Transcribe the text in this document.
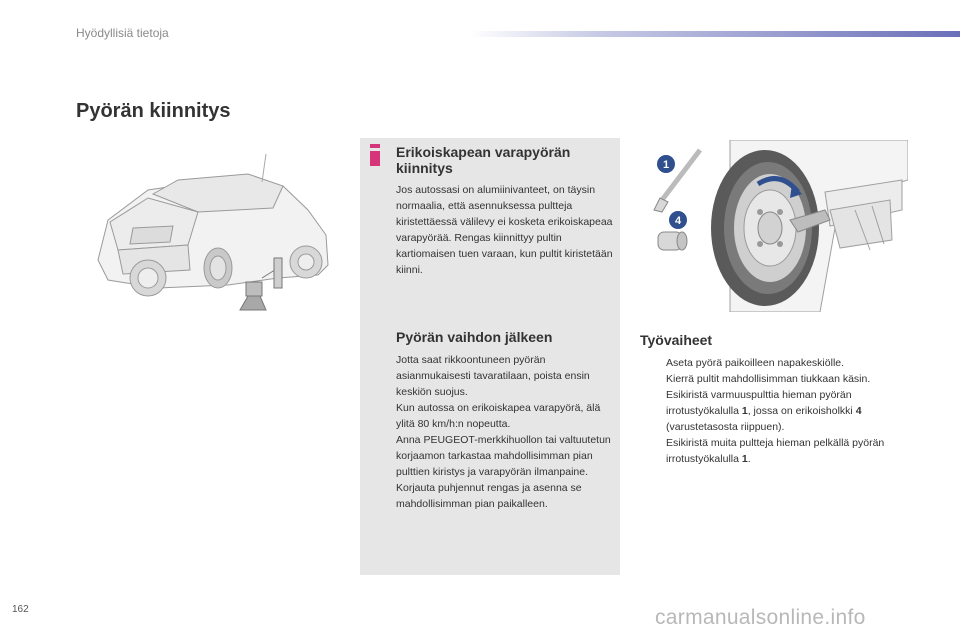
Hyödyllisiä tietoja
Pyörän kiinnitys
Erikoiskapean varapyörän kiinnitys
Jos autossasi on alumiinivanteet, on täysin normaalia, että asennuksessa pultteja kiristettäessä välilevy ei kosketa erikoiskapeaa varapyörää. Rengas kiinnittyy pultin kartiomaisen tuen varaan, kun pultit kiristetään kiinni.
Pyörän vaihdon jälkeen

Jotta saat rikkoontuneen pyörän asianmukaisesti tavaratilaan, poista ensin keskiön suojus.

Kun autossa on erikoiskapea varapyörä, älä ylitä 80 km/h:n nopeutta.

Anna PEUGEOT-merkkihuollon tai valtuutetun korjaamon tarkastaa mahdollisimman pian pulttien kiristys ja varapyörän ilmanpaine.

Korjauta puhjennut rengas ja asenna se mahdollisimman pian paikalleen.

1
4
Työvaiheet
Aseta pyörä paikoilleen napakeskiölle.
Kierrä pultit mahdollisimman tiukkaan käsin.
Esikiristä varmuuspulttia hieman pyörän irrotustyökalulla 1, jossa on erikoisholkki 4 (varustetasosta riippuen).
Esikiristä muita pultteja hieman pelkällä pyörän irrotustyökalulla 1.
162	carmanualsonline.info
